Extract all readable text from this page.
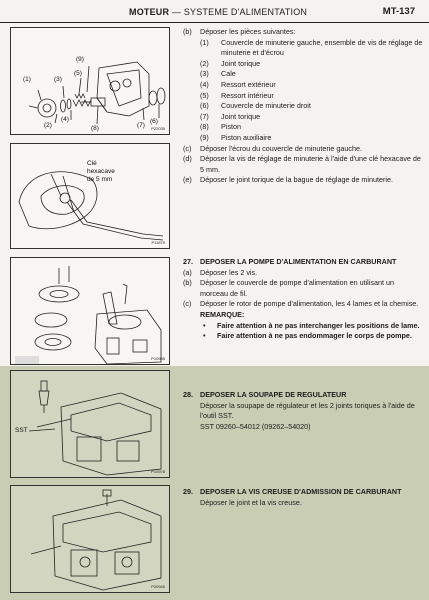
MOTEUR — SYSTEME D'ALIMENTATION	MT-137
(1)
(2)
(3)
(4)
(5)
(6)
(7)
(8)
(9)
P22035
Clé
hexacave
de 5 mm
P11879
P10985
SST
P10978
P20945
(b)	Déposer les pièces suivantes:
(1)	Couvercle de minuterie gauche, ensemble de vis de réglage de minuterie et d'écrou
(2)	Joint torique
(3)	Cale
(4)	Ressort extérieur
(5)	Ressort intérieur
(6)	Couvercle de minuterie droit
(7)	Joint torique
(8)	Piston
(9)	Piston auxiliaire
(c)	Déposer l'écrou du couvercle de minuterie gauche.
(d)	Déposer la vis de réglage de minuterie à l'aide d'une clé hexacave de 5 mm.
(e)	Déposer le joint torique de la bague de réglage de minuterie.
27. DEPOSER LA POMPE D'ALIMENTATION EN CARBURANT
(a)	Déposer les 2 vis.
(b)	Déposer le couvercle de pompe d'alimentation en utilisant un morceau de fil.
(c)	Déposer le rotor de pompe d'alimentation, les 4 lames et la chemise.
REMARQUE:
•	Faire attention à ne pas interchanger les positions de lame.
•	Faire attention à ne pas endommager le corps de pompe.
28. DEPOSER LA SOUPAPE DE REGULATEUR
Déposer la soupape de régulateur et les 2 joints toriques à l'aide de l'outil SST.
SST 09260–54012 (09262–54020)
29. DEPOSER LA VIS CREUSE D'ADMISSION DE CARBURANT
Déposer le joint et la vis creuse.
